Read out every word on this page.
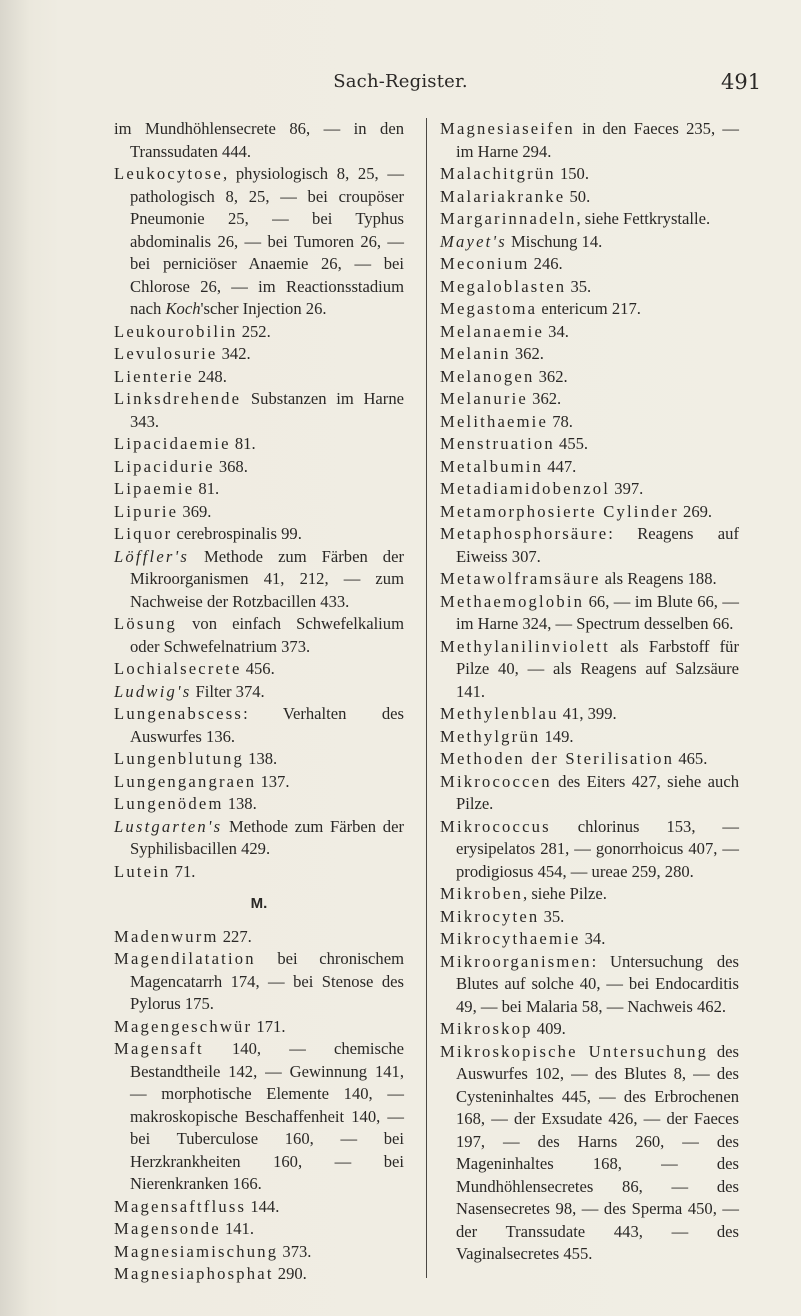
Sach-Register.	491
im Mundhöhlensecrete 86, — in den Transsudaten 444.
Leukocytose, physiologisch 8, 25, — pathologisch 8, 25, — bei croupöser Pneumonie 25, — bei Typhus abdominalis 26, — bei Tumoren 26, — bei perniciöser Anaemie 26, — bei Chlorose 26, — im Reactionsstadium nach Koch'scher Injection 26.
Leukourobilin 252.
Levulosurie 342.
Lienterie 248.
Linksdrehende Substanzen im Harne 343.
Lipacidaemie 81.
Lipacidurie 368.
Lipaemie 81.
Lipurie 369.
Liquor cerebrospinalis 99.
Löffler's Methode zum Färben der Mikroorganismen 41, 212, — zum Nachweise der Rotzbacillen 433.
Lösung von einfach Schwefelkalium oder Schwefelnatrium 373.
Lochialsecrete 456.
Ludwig's Filter 374.
Lungenabscess: Verhalten des Auswurfes 136.
Lungenblutung 138.
Lungengangraen 137.
Lungenödem 138.
Lustgarten's Methode zum Färben der Syphilisbacillen 429.
Lutein 71.
M.
Madenwurm 227.
Magendilatation bei chronischem Magencatarrh 174, — bei Stenose des Pylorus 175.
Magengeschwür 171.
Magensaft 140, — chemische Bestandtheile 142, — Gewinnung 141, — morphotische Elemente 140, — makroskopische Beschaffenheit 140, — bei Tuberculose 160, — bei Herzkrankheiten 160, — bei Nierenkranken 166.
Magensaftfluss 144.
Magensonde 141.
Magnesiamischung 373.
Magnesiaphosphat 290.
Magnesiaseifen in den Faeces 235, — im Harne 294.
Malachitgrün 150.
Malariakranke 50.
Margarinnadeln, siehe Fettkrystalle.
Mayet's Mischung 14.
Meconium 246.
Megaloblasten 35.
Megastoma entericum 217.
Melanaemie 34.
Melanin 362.
Melanogen 362.
Melanurie 362.
Melithaemie 78.
Menstruation 455.
Metalbumin 447.
Metadiamidobenzol 397.
Metamorphosierte Cylinder 269.
Metaphosphorsäure: Reagens auf Eiweiss 307.
Metawolframsäure als Reagens 188.
Methaemoglobin 66, — im Blute 66, — im Harne 324, — Spectrum desselben 66.
Methylanilinviolett als Farbstoff für Pilze 40, — als Reagens auf Salzsäure 141.
Methylenblau 41, 399.
Methylgrün 149.
Methoden der Sterilisation 465.
Mikrococcen des Eiters 427, siehe auch Pilze.
Mikrococcus chlorinus 153, — erysipelatos 281, — gonorrhoicus 407, — prodigiosus 454, — ureae 259, 280.
Mikroben, siehe Pilze.
Mikrocyten 35.
Mikrocythaemie 34.
Mikroorganismen: Untersuchung des Blutes auf solche 40, — bei Endocarditis 49, — bei Malaria 58, — Nachweis 462.
Mikroskop 409.
Mikroskopische Untersuchung des Auswurfes 102, — des Blutes 8, — des Cysteninhaltes 445, — des Erbrochenen 168, — der Exsudate 426, — der Faeces 197, — des Harns 260, — des Mageninhaltes 168, — des Mundhöhlensecretes 86, — des Nasensecretes 98, — des Sperma 450, — der Transsudate 443, — des Vaginalsecretes 455.
